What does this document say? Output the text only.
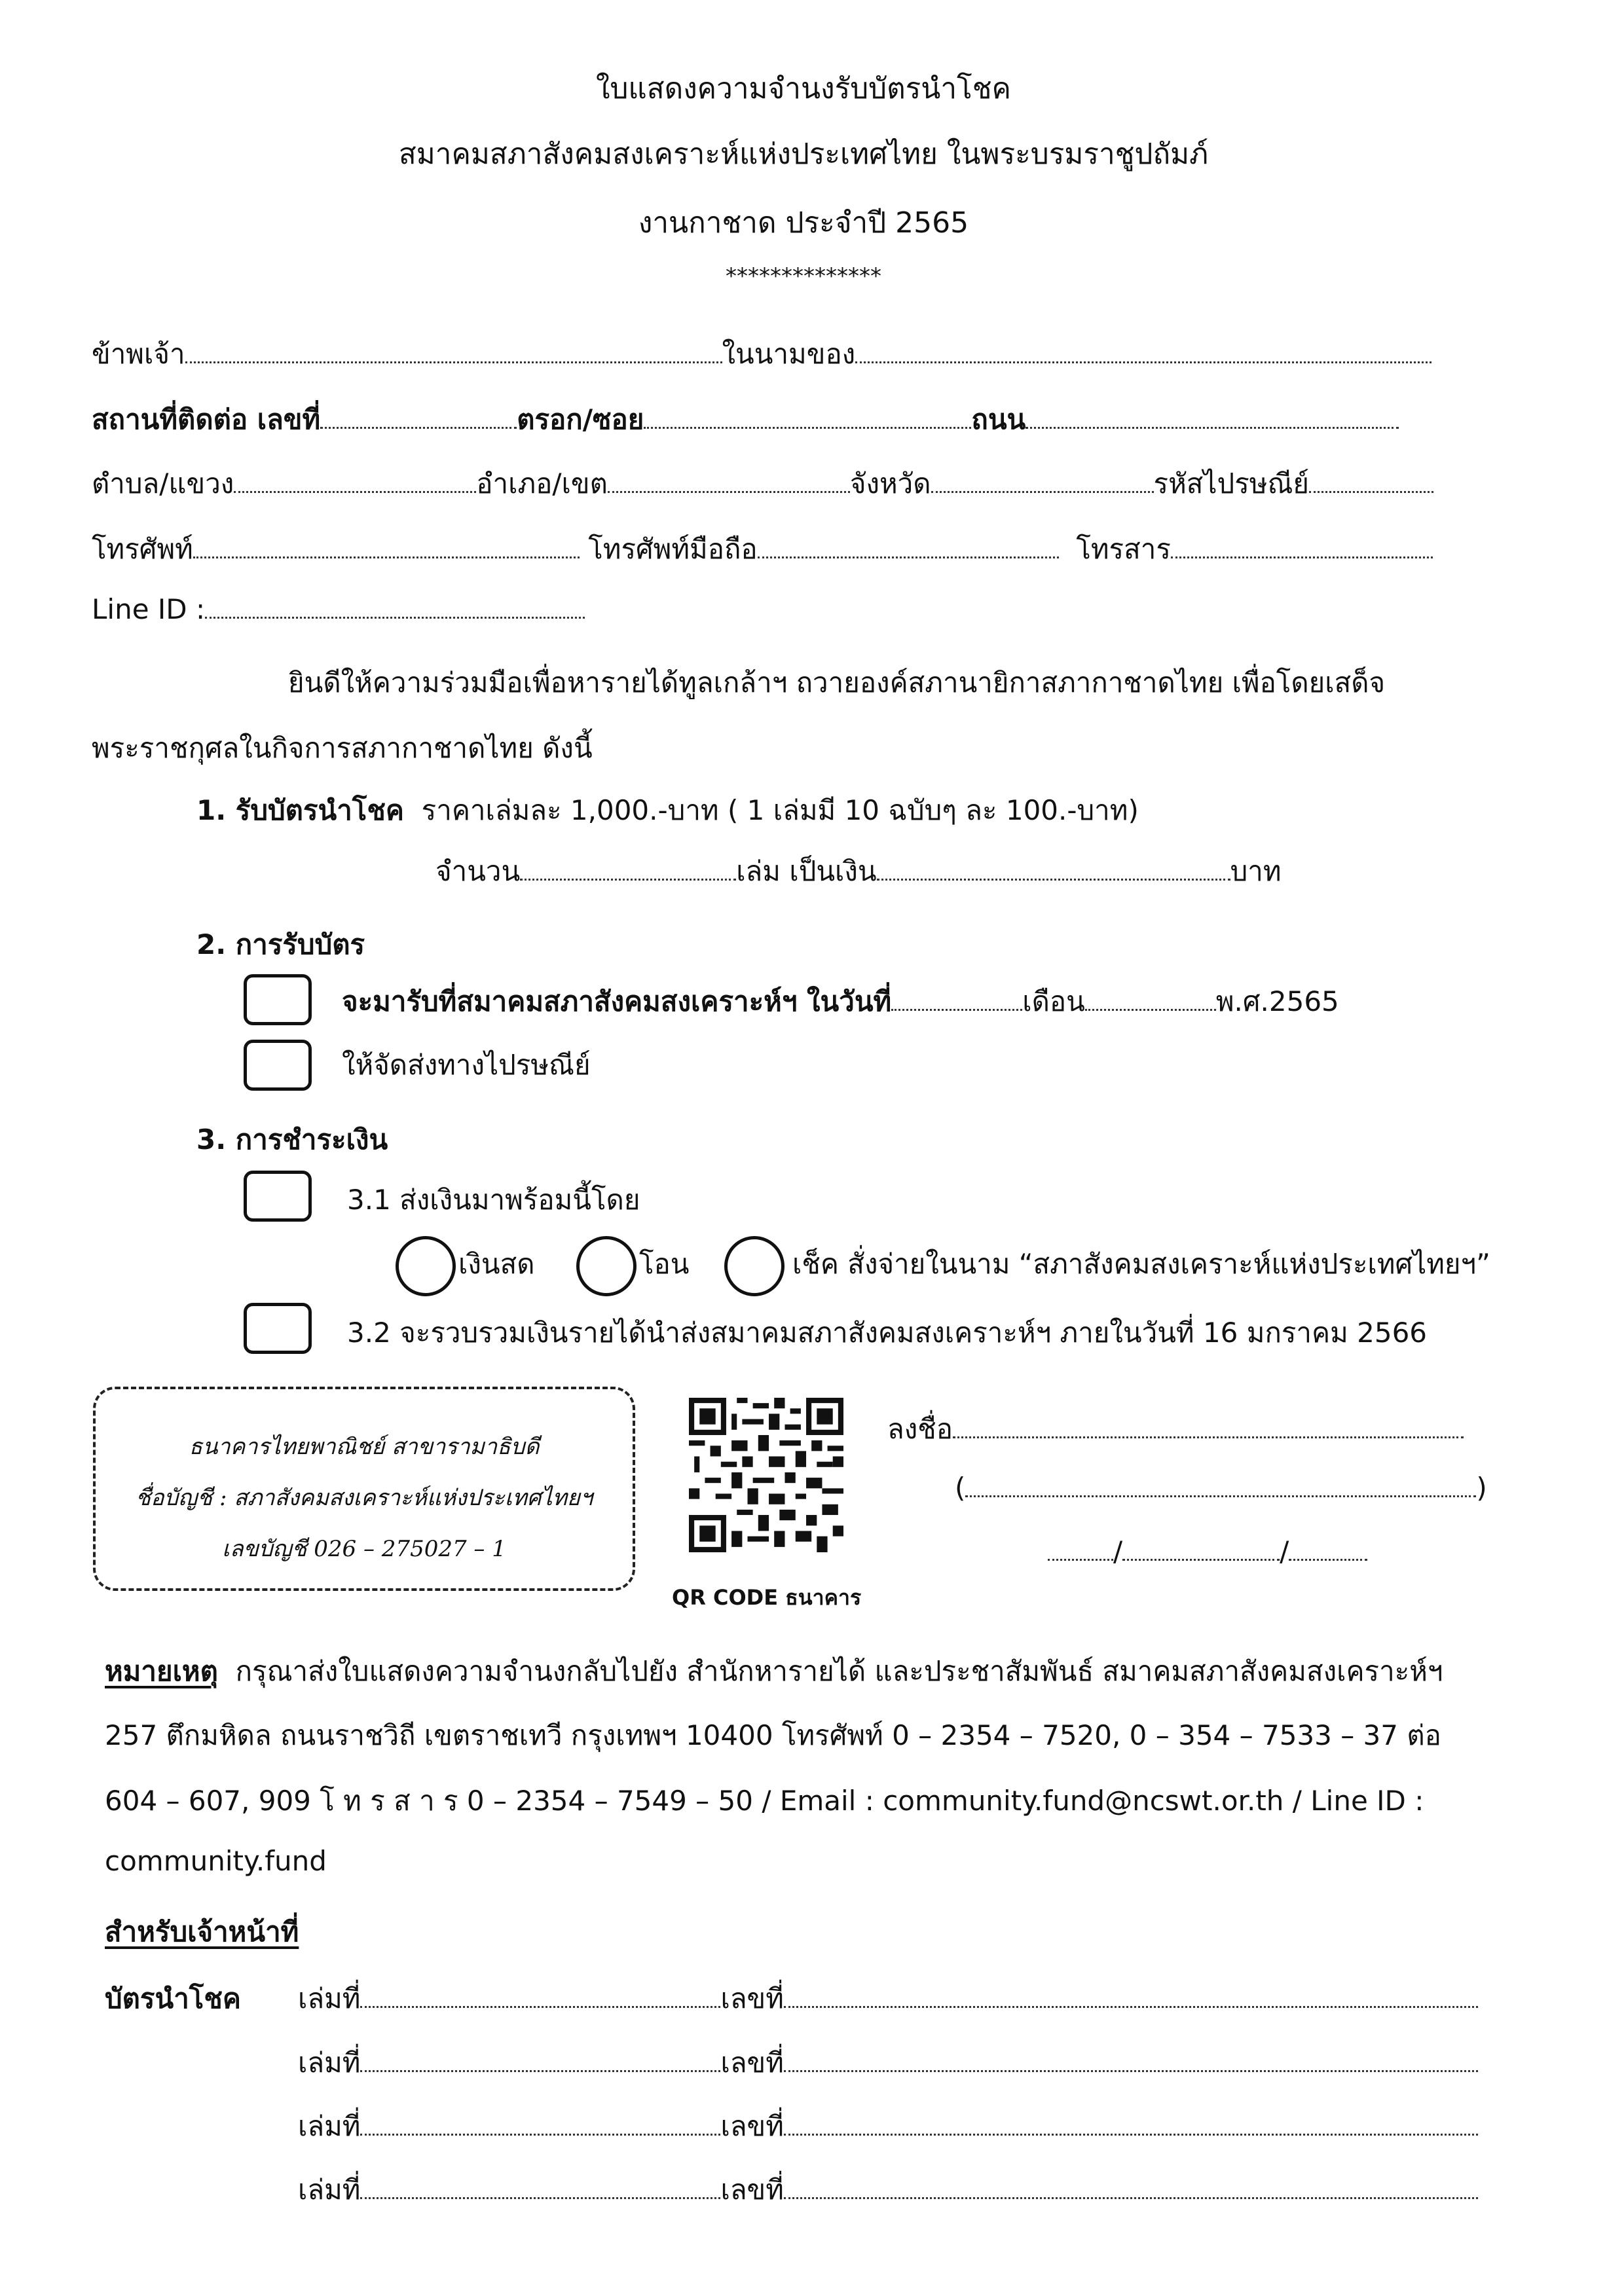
ใบแสดงความจำนงรับบัตรนำโชค
สมาคมสภาสังคมสงเคราะห์แห่งประเทศไทย ในพระบรมราชูปถัมภ์
งานกาชาด ประจำปี 2565
**************
ข้าพเจ้า	ในนามของ
สถานที่ติดต่อ เลขที่	ตรอก/ซอย	ถนน
ตำบล/แขวง	อำเภอ/เขต	จังหวัด	รหัสไปรษณีย์
โทรศัพท์	โทรศัพท์มือถือ	โทรสาร
Line ID :
ยินดีให้ความร่วมมือเพื่อหารายได้ทูลเกล้าฯ ถวายองค์สภานายิกาสภากาชาดไทย เพื่อโดยเสด็จ
พระราชกุศลในกิจการสภากาชาดไทย ดังนี้
1. รับบัตรนำโชค ราคาเล่มละ 1,000.-บาท ( 1 เล่มมี 10 ฉบับๆ ละ 100.-บาท)
จำนวน	เล่ม เป็นเงิน	บาท
2. การรับบัตร
จะมารับที่สมาคมสภาสังคมสงเคราะห์ฯ ในวันที่	เดือน	พ.ศ.2565
ให้จัดส่งทางไปรษณีย์
3. การชำระเงิน
3.1 ส่งเงินมาพร้อมนี้โดย
เงินสด	โอน	เช็ค สั่งจ่ายในนาม “สภาสังคมสงเคราะห์แห่งประเทศไทยฯ”
3.2 จะรวบรวมเงินรายได้นำส่งสมาคมสภาสังคมสงเคราะห์ฯ ภายในวันที่ 16 มกราคม 2566
ธนาคารไทยพาณิชย์ สาขารามาธิบดี
ชื่อบัญชี : สภาสังคมสงเคราะห์แห่งประเทศไทยฯ
เลขบัญชี 026 – 275027 – 1
QR CODE ธนาคาร
ลงชื่อ
(	)
/	/
หมายเหตุ กรุณาส่งใบแสดงความจำนงกลับไปยัง สำนักหารายได้ และประชาสัมพันธ์ สมาคมสภาสังคมสงเคราะห์ฯ
257 ตึกมหิดล ถนนราชวิถี เขตราชเทวี กรุงเทพฯ 10400 โทรศัพท์ 0 – 2354 – 7520, 0 – 354 – 7533 – 37 ต่อ
604 – 607, 909 โ ท ร ส า ร 0 – 2354 – 7549 – 50 / Email : community.fund@ncswt.or.th / Line ID :
community.fund
สำหรับเจ้าหน้าที่
บัตรนำโชค เล่มที่	เลขที่
เล่มที่	เลขที่
เล่มที่	เลขที่
เล่มที่	เลขที่
